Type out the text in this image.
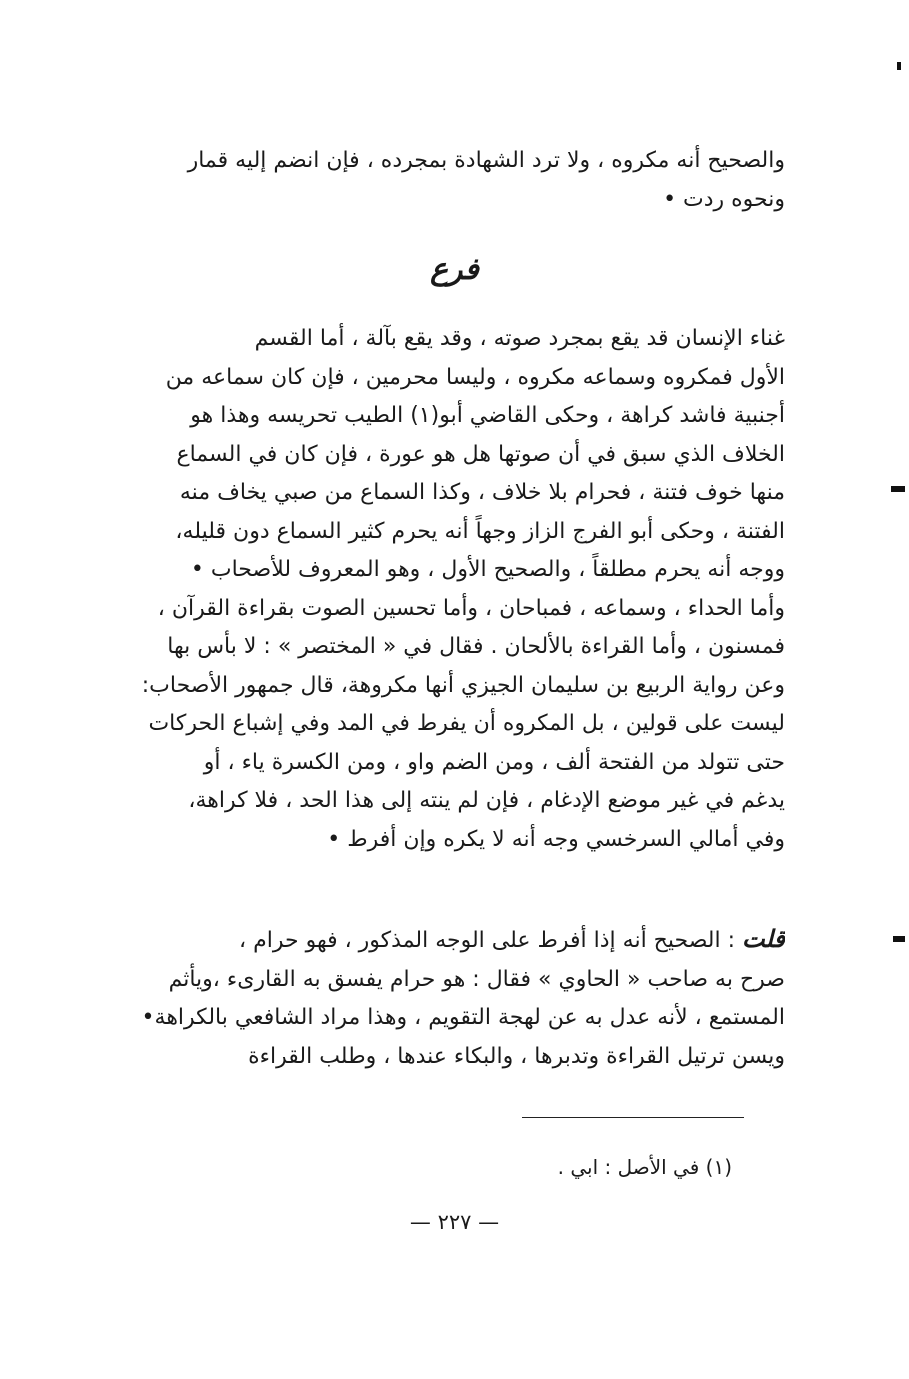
والصحيح أنه مكروه ، ولا ترد الشهادة بمجرده ، فإن انضم إليه قمار
ونحوه ردت •
فرع
غناء الإنسان قد يقع بمجرد صوته ، وقد يقع بآلة ، أما القسم
الأول فمكروه وسماعه مكروه ، وليسا محرمين ، فإن كان سماعه من
أجنبية فاشد كراهة ، وحكى القاضي أبو(١) الطيب تحريسه وهذا هو
الخلاف الذي سبق في أن صوتها هل هو عورة ، فإن كان في السماع
منها خوف فتنة ، فحرام بلا خلاف ، وكذا السماع من صبي يخاف منه
الفتنة ، وحكى أبو الفرج الزاز وجهاً أنه يحرم كثير السماع دون قليله،
ووجه أنه يحرم مطلقاً ، والصحيح الأول ، وهو المعروف للأصحاب •
وأما الحداء ، وسماعه ، فمباحان ، وأما تحسين الصوت بقراءة القرآن ،
فمسنون ، وأما القراءة بالألحان . فقال في « المختصر » : لا بأس بها
وعن رواية الربيع بن سليمان الجيزي أنها مكروهة، قال جمهور الأصحاب:
ليست على قولين ، بل المكروه أن يفرط في المد وفي إشباع الحركات
حتى تتولد من الفتحة ألف ، ومن الضم واو ، ومن الكسرة ياء ، أو
يدغم في غير موضع الإدغام ، فإن لم ينته إلى هذا الحد ، فلا كراهة،
وفي أمالي السرخسي وجه أنه لا يكره وإن أفرط •
قلت : الصحيح أنه إذا أفرط على الوجه المذكور ، فهو حرام ،
صرح به صاحب « الحاوي » فقال : هو حرام يفسق به القارىء ،ويأثم
المستمع ، لأنه عدل به عن لهجة التقويم ، وهذا مراد الشافعي بالكراهة•
ويسن ترتيل القراءة وتدبرها ، والبكاء عندها ، وطلب القراءة
(١) في الأصل : ابي .
— ٢٢٧ —
